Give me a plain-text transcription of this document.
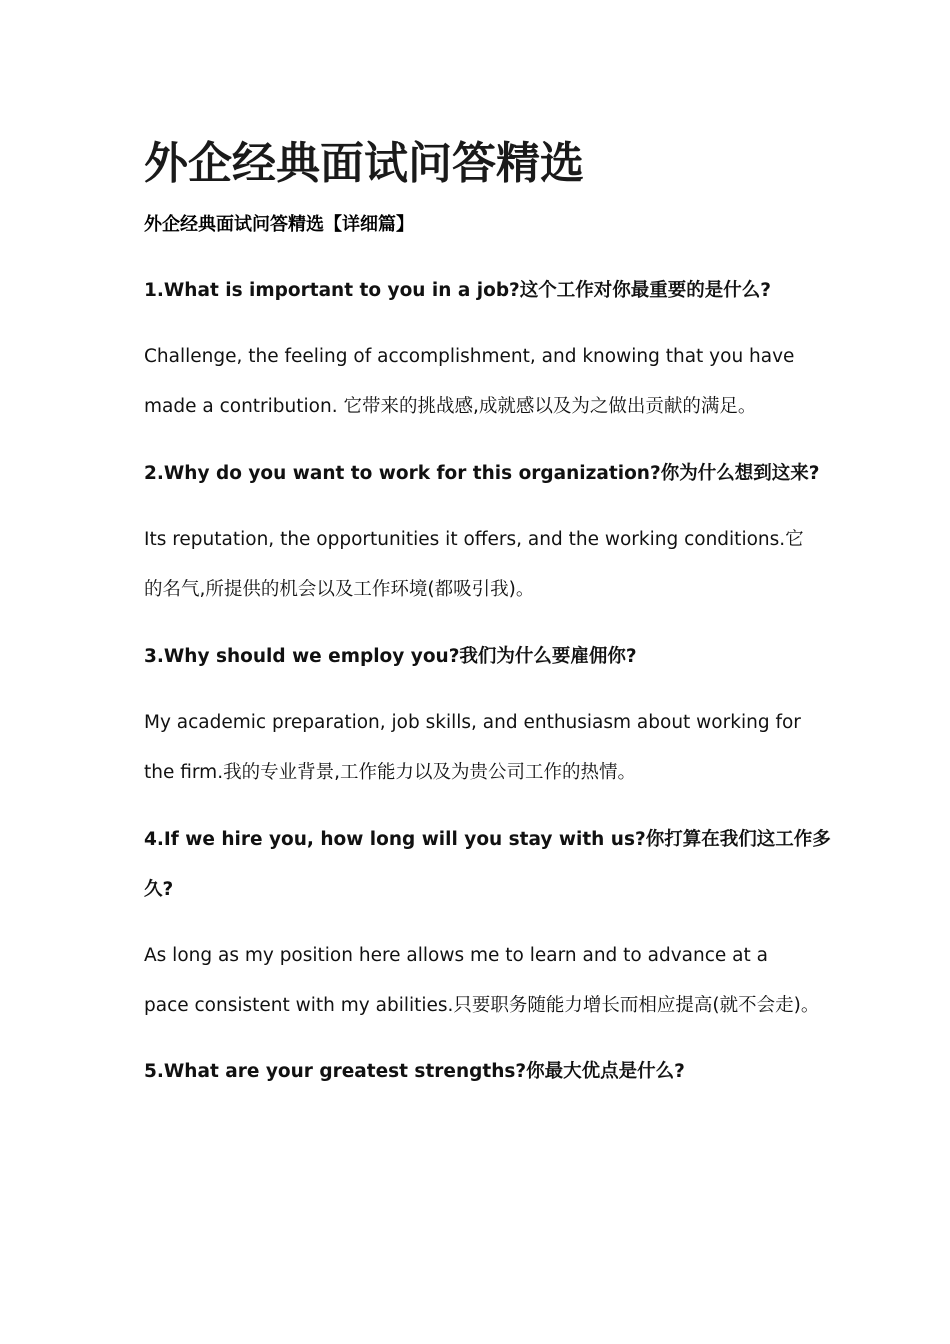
外企经典面试问答精选

外企经典面试问答精选【详细篇】

1.What is important to you in a job?这个工作对你最重要的是什么?

Challenge, the feeling of accomplishment, and knowing that you have

made a contribution. 它带来的挑战感,成就感以及为之做出贡献的满足。

2.Why do you want to work for this organization?你为什么想到这来?

Its reputation, the opportunities it offers, and the working conditions.它

的名气,所提供的机会以及工作环境(都吸引我)。

3.Why should we employ you?我们为什么要雇佣你?

My academic preparation, job skills, and enthusiasm about working for

the firm.我的专业背景,工作能力以及为贵公司工作的热情。

4.If we hire you, how long will you stay with us?你打算在我们这工作多

久?

As long as my position here allows me to learn and to advance at a

pace consistent with my abilities.只要职务随能力增长而相应提高(就不会走)。

5.What are your greatest strengths?你最大优点是什么?
